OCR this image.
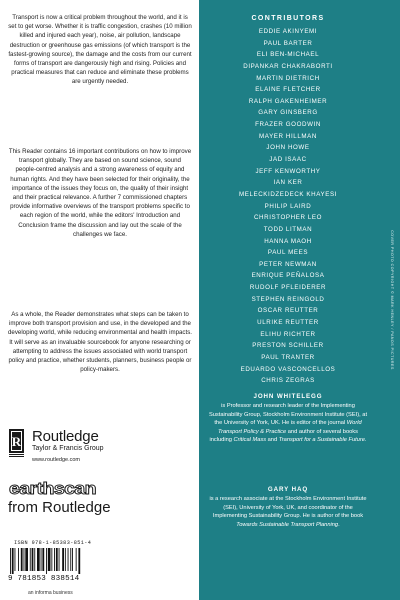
Transport is now a critical problem throughout the world, and it is set to get worse. Whether it is traffic congestion, crashes (10 million killed and injured each year), noise, air pollution, landscape destruction or greenhouse gas emissions (of which transport is the fastest-growing source), the damage and the costs from our current forms of transport are dangerously high and rising. Policies and practical measures that can reduce and eliminate these problems are urgently needed.

This Reader contains 16 important contributions on how to improve transport globally. They are based on sound science, sound people-centred analysis and a strong awareness of equity and human rights. And they have been selected for their originality, the importance of the issues they focus on, the quality of their insight and their practical relevance. A further 7 commissioned chapters provide informative overviews of the transport problems specific to each region of the world, while the editors' Introduction and Conclusion frame the discussion and lay out the scale of the challenges we face.

As a whole, the Reader demonstrates what steps can be taken to improve both transport provision and use, in the developed and the developing world, while reducing environmental and health impacts. It will serve as an invaluable sourcebook for anyone researching or attempting to address the issues associated with world transport policy and practice, whether students, planners, business people or policy-makers.

R Routledge
Taylor & Francis Group
www.routledge.com
earthscan
from Routledge
ISBN 978-1-85383-851-4
9 781853 838514
an informa business
CONTRIBUTORS
EDDIE AKINYEMI
PAUL BARTER
ELI BEN-MICHAEL
DIPANKAR CHAKRABORTI
MARTIN DIETRICH
ELAINE FLETCHER
RALPH GAKENHEIMER
GARY GINSBERG
FRAZER GOODWIN
MAYER HILLMAN
JOHN HOWE
JAD ISAAC
JEFF KENWORTHY
IAN KER
MELECKIDZEDECK KHAYESI
PHILIP LAIRD
CHRISTOPHER LEO
TODD LITMAN
HANNA MAOH
PAUL MEES
PETER NEWMAN
ENRIQUE PEÑALOSA
RUDOLF PFLEIDERER
STEPHEN REINGOLD
OSCAR REUTTER
ULRIKE REUTTER
ELIHU RICHTER
PRESTON SCHILLER
PAUL TRANTER
EDUARDO VASCONCELLOS
CHRIS ZEGRAS
JOHN WHITELEGG

is Professor and research leader of the Implementing Sustainability Group, Stockholm Environment Institute (SEI), at the University of York, UK. He is editor of the journal World Transport Policy & Practice and author of several books including Critical Mass and Transport for a Sustainable Future.

GARY HAQ

is a research associate at the Stockholm Environment Institute (SEI), University of York, UK, and coordinator of the Implementing Sustainability Group. He is author of the book Towards Sustainable Transport Planning.

COVER PHOTO COPYRIGHT © MARK HENLEY / PANOS PICTURES
